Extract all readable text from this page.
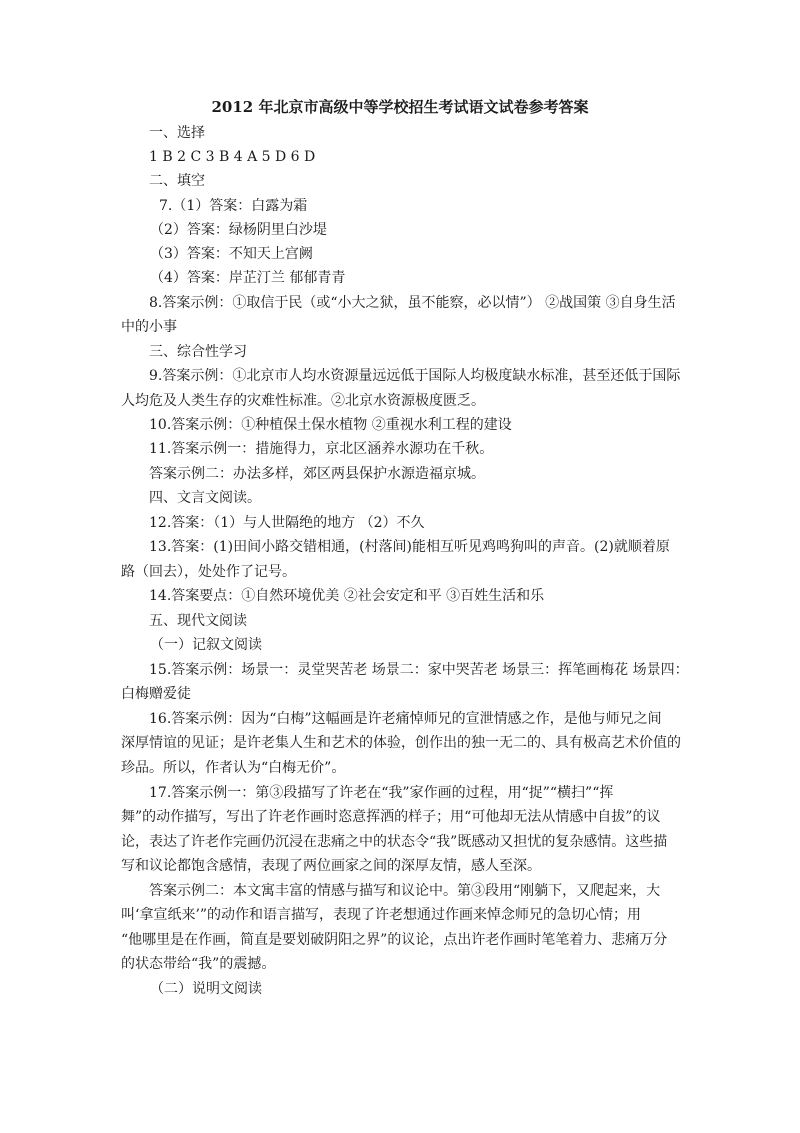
2012 年北京市高级中等学校招生考试语文试卷参考答案
一、选择
1 B 2 C 3 B 4 A 5 D 6 D
二、填空
7.（1）答案：白露为霜
（2）答案：绿杨阴里白沙堤
（3）答案：不知天上宫阙
（4）答案：岸芷汀兰 郁郁青青
8.答案示例：①取信于民（或“小大之狱，虽不能察，必以情”） ②战国策 ③自身生活
中的小事
三、综合性学习
9.答案示例：①北京市人均水资源量远远低于国际人均极度缺水标准，甚至还低于国际
人均危及人类生存的灾难性标准。②北京水资源极度匮乏。
10.答案示例：①种植保土保水植物 ②重视水利工程的建设
11.答案示例一：措施得力，京北区涵养水源功在千秋。
答案示例二：办法多样，郊区两县保护水源造福京城。
四、文言文阅读。
12.答案：（1）与人世隔绝的地方 （2）不久
13.答案：(1)田间小路交错相通，(村落间)能相互听见鸡鸣狗叫的声音。(2)就顺着原
路（回去），处处作了记号。
14.答案要点：①自然环境优美 ②社会安定和平 ③百姓生活和乐
五、现代文阅读
（一）记叙文阅读
15.答案示例：场景一：灵堂哭苦老 场景二：家中哭苦老 场景三：挥笔画梅花 场景四：
白梅赠爱徒
16.答案示例：因为“白梅”这幅画是许老痛悼师兄的宣泄情感之作，是他与师兄之间
深厚情谊的见证；是许老集人生和艺术的体验，创作出的独一无二的、具有极高艺术价值的
珍品。所以，作者认为“白梅无价”。
17.答案示例一：第③段描写了许老在“我”家作画的过程，用“捉”“横扫”“挥
舞”的动作描写，写出了许老作画时恣意挥洒的样子；用“可他却无法从情感中自拔”的议
论，表达了许老作完画仍沉浸在悲痛之中的状态令“我”既感动又担忧的复杂感情。这些描
写和议论都饱含感情，表现了两位画家之间的深厚友情，感人至深。
答案示例二：本文寓丰富的情感与描写和议论中。第③段用“刚躺下，又爬起来，大
叫‘拿宣纸来’”的动作和语言描写，表现了许老想通过作画来悼念师兄的急切心情；用
“他哪里是在作画，简直是要划破阴阳之界”的议论，点出许老作画时笔笔着力、悲痛万分
的状态带给“我”的震撼。
（二）说明文阅读
